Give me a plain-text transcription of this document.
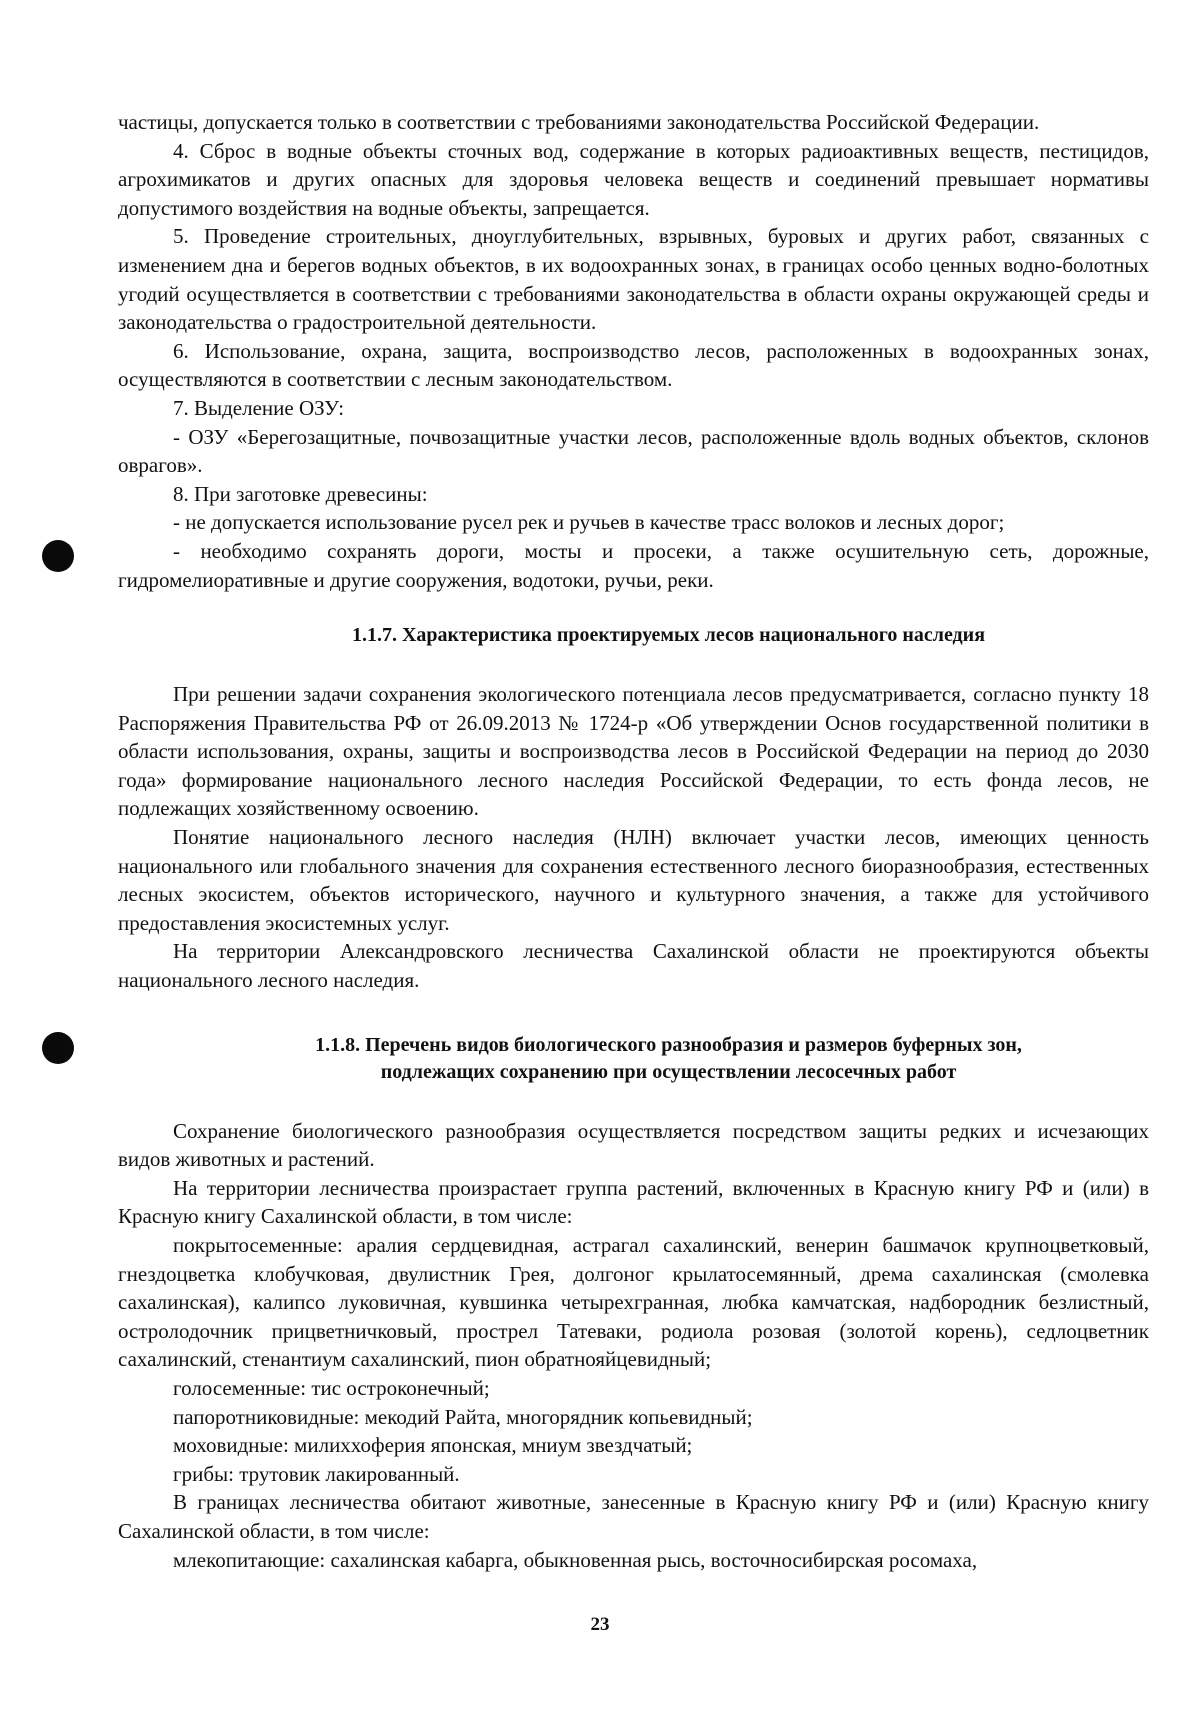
частицы, допускается только в соответствии с требованиями законодательства Российской Федерации.

4. Сброс в водные объекты сточных вод, содержание в которых радиоактивных веществ, пестицидов, агрохимикатов и других опасных для здоровья человека веществ и соединений превышает нормативы допустимого воздействия на водные объекты, запрещается.

5. Проведение строительных, дноуглубительных, взрывных, буровых и других работ, связанных с изменением дна и берегов водных объектов, в их водоохранных зонах, в границах особо ценных водно-болотных угодий осуществляется в соответствии с требованиями законодательства в области охраны окружающей среды и законодательства о градостроительной деятельности.

6. Использование, охрана, защита, воспроизводство лесов, расположенных в водоохранных зонах, осуществляются в соответствии с лесным законодательством.

7. Выделение ОЗУ:

- ОЗУ «Берегозащитные, почвозащитные участки лесов, расположенные вдоль водных объектов, склонов оврагов».

8. При заготовке древесины:

- не допускается использование русел рек и ручьев в качестве трасс волоков и лесных дорог;

- необходимо сохранять дороги, мосты и просеки, а также осушительную сеть, дорожные, гидромелиоративные и другие сооружения, водотоки, ручьи, реки.

1.1.7. Характеристика проектируемых лесов национального наследия

При решении задачи сохранения экологического потенциала лесов предусматривается, согласно пункту 18 Распоряжения Правительства РФ от 26.09.2013 № 1724-р «Об утверждении Основ государственной политики в области использования, охраны, защиты и воспроизводства лесов в Российской Федерации на период до 2030 года» формирование национального лесного наследия Российской Федерации, то есть фонда лесов, не подлежащих хозяйственному освоению.

Понятие национального лесного наследия (НЛН) включает участки лесов, имеющих ценность национального или глобального значения для сохранения естественного лесного биоразнообразия, естественных лесных экосистем, объектов исторического, научного и культурного значения, а также для устойчивого предоставления экосистемных услуг.

На территории Александровского лесничества Сахалинской области не проектируются объекты национального лесного наследия.

1.1.8. Перечень видов биологического разнообразия и размеров буферных зон,
подлежащих сохранению при осуществлении лесосечных работ

Сохранение биологического разнообразия осуществляется посредством защиты редких и исчезающих видов животных и растений.

На территории лесничества произрастает группа растений, включенных в Красную книгу РФ и (или) в Красную книгу Сахалинской области, в том числе:

покрытосеменные: аралия сердцевидная, астрагал сахалинский, венерин башмачок крупноцветковый, гнездоцветка клобучковая, двулистник Грея, долгоног крылатосемянный, дрема сахалинская (смолевка сахалинская), калипсо луковичная, кувшинка четырехгранная, любка камчатская, надбородник безлистный, остролодочник прицветничковый, прострел Татеваки, родиола розовая (золотой корень), седлоцветник сахалинский, стенантиум сахалинский, пион обратнояйцевидный;

голосеменные: тис остроконечный;

папоротниковидные: мекодий Райта, многорядник копьевидный;

моховидные: милиххоферия японская, мниум звездчатый;

грибы: трутовик лакированный.

В границах лесничества обитают животные, занесенные в Красную книгу РФ и (или) Красную книгу Сахалинской области, в том числе:

млекопитающие: сахалинская кабарга, обыкновенная рысь, восточносибирская росомаха,

23
